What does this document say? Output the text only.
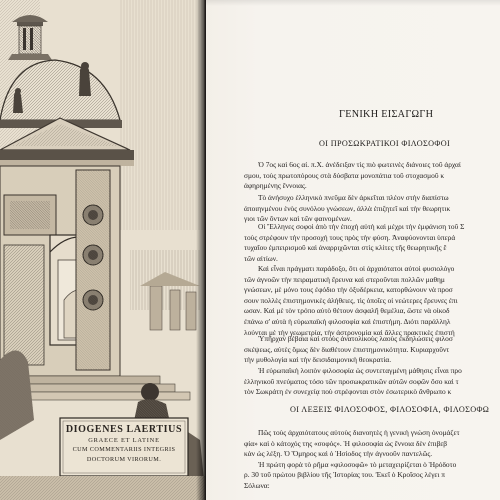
DIOGENES LAERTIUS
GRAECE ET LATINE
CUM COMMENTARIIS INTEGRIS
DOCTORUM VIRORUM.
ΓΕΝΙΚΗ ΕΙΣΑΓΩΓΗ
ΟΙ ΠΡΟΣΩΚΡΑΤΙΚΟΙ ΦΙΛΟΣΟΦΟΙ
Ὁ 7ος καὶ 6ος αἰ. π.Χ. ἀνέδειξαν τὶς πιὸ φωτεινὲς διάνοιες τοῦ ἀρχαί
σμου, τοὺς πρωτοπόρους στὰ δύσβατα μονοπάτια τοῦ στοχασμοῦ κ
ἀφηρημένης ἔννοιας.
Τὸ ἀνήσυχο ἑλληνικὸ πνεῦμα δὲν ἀρκεῖται πλέον στὴν διαπίστω
ἀποιηνμένου ἑνὸς συνόλου γνώσεων, ἀλλὰ ἐπιζητεῖ καὶ τὴν θεωρητικ
γιοι τῶν ὄντων καὶ τῶν φαινομένων.
Οἱ Ἕλληνες σοφοὶ ἀπὸ τὴν ἐποχὴ αὐτὴ καὶ μέχρι τὴν ἐμφάνιση τοῦ Σ
τοὺς στρέφουν τὴν προσοχή τους πρὸς τὴν φύση. Ἀναφύονονται ὑπερά
τυχαῖου ἐμπειρισμοῦ καὶ ἀναρριχῶνται στὶς κλίτες τῆς θεωρητικῆς ἔ
τῶν αἰτίων.
Καὶ εἶναι πράγματι παράδοξο, ὅτι οἱ ἀρχαιότατοι αὐτοὶ φυσιολόγο
τῶν ἀγνοῶν τὴν πειραματικὴ ἔρευνα καὶ στεροῦνται πολλῶν μαθημ
γνώσεων, μὲ μόνο τους ἐφόδιο τὴν ὀξυδέρκεια, κατορθώνουν νὰ προσ
σουν πολλὲς ἐπιστημονικὲς ἀλήθειες, τὶς ὁποῖες οἱ νεώτερες ἔρευνες ἐπι
ωσαν. Καὶ μὲ τὸν τρόπο αὐτὸ θέτουν ἀσφαλῆ θεμέλια, ὥστε νὰ οἰκοδ
ἐπάνω σ' αὐτὰ ἡ εὐρωπαϊκὴ φιλοσοφία καὶ ἐπιστήμη. Διότι παράλληλ
λούνται μὲ τὴν γεωμετρία, τὴν ἀστρονομία καὶ ἄλλες πρακτικὲς ἐπιστή
Ὑπῆρχαν βέβαια καὶ στοὺς ἀνατολικοὺς λαοὺς ἐκδηλώσεις φιλοσ
σκέψεως, αὐτὲς ὅμως δὲν διαθέτουν ἐπιστημονικότητα. Κυριαρχοῦντ
τὴν μυθολογία καὶ τὴν δεισιδαιμονικὴ θεοκρατία.
Ἡ εὐρωπαϊκὴ λοιπὸν φιλοσοφία ὡς συντεταγμένη μάθησις εἶναι προ
ἑλληνικοῦ πνεύματος τόσο τῶν προσωκρατικῶν αὐτῶν σοφῶν ὅσο καὶ τ
τὸν Σωκράτη ἐν συνεχείᾳ ποὺ στρέφονται στὸν ἐσωτερικὸ ἄνθρωπο κ
ΟΙ ΛΕΞΕΙΣ ΦΙΛΟΣΟΦΟΣ, ΦΙΛΟΣΟΦΙΑ, ΦΙΛΟΣΟΦΩ
Πῶς τοὺς ἀρχαιότατους αὐτοὺς διανοητὲς ἡ γενικὴ γνώση ὀνομάζετ
φία» καὶ ὁ κάτοχός της «σοφός». Ἡ φιλοσοφία ὡς ἔννοια δὲν ἐπιβεβ
κὰν ὡς λέξη. Ὁ Ὅμηρος καὶ ὁ Ἡσίοδος τὴν ἀγνοοῦν παντελῶς.
Ἡ πρώτη φορὰ τὸ ρῆμα «φιλοσοφῶ» τὸ μεταχειρίζεται ὁ Ἡρόδοτο
ρ. 30 τοῦ πρώτου βιβλίου τῆς Ἱστορίας του. Ἐκεῖ ὁ Κροῖσος λέγει π
Σόλωνα:
